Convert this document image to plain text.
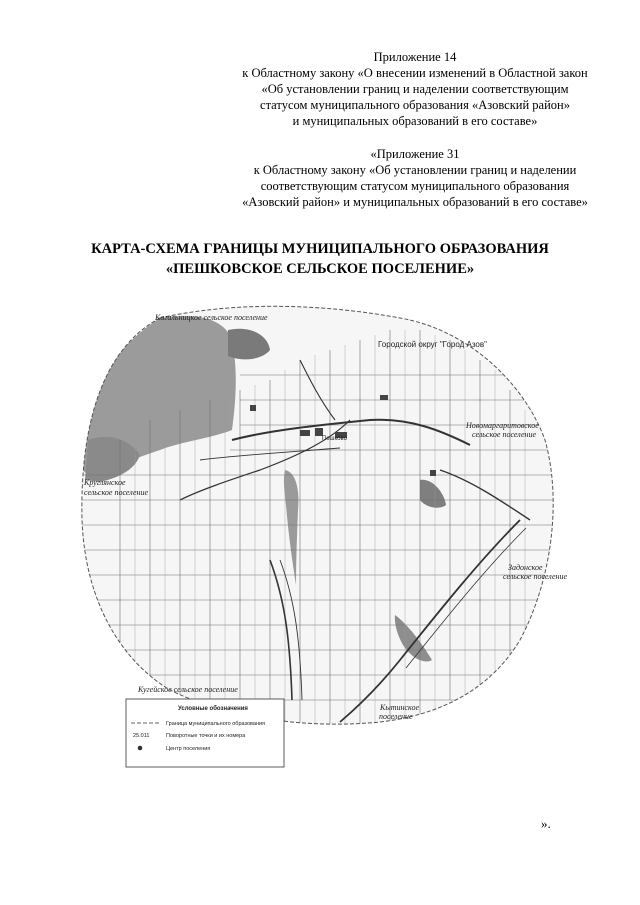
Приложение 14
к Областному закону «О внесении изменений в Областной закон
«Об установлении границ и наделении соответствующим
статусом муниципального образования «Азовский район»
и муниципальных образований в его составе»
«Приложение 31
к Областному закону «Об установлении границ и наделении
соответствующим статусом муниципального образования
«Азовский район» и муниципальных образований в его составе»
КАРТА-СХЕМА ГРАНИЦЫ МУНИЦИПАЛЬНОГО ОБРАЗОВАНИЯ
«ПЕШКОВСКОЕ СЕЛЬСКОЕ ПОСЕЛЕНИЕ»
Кагальницкое сельское поселение
Городской округ "Город Азов"
Новомаргаритовское
сельское поселение
Круглянское
сельское поселение
Задонское
сельское поселение
Кугейское сельское поселение
Кытинское
поселение
Пешково
Условные обозначения
Граница муниципального образования
25.011	Поворотные точки и их номера
Центр поселения
».
